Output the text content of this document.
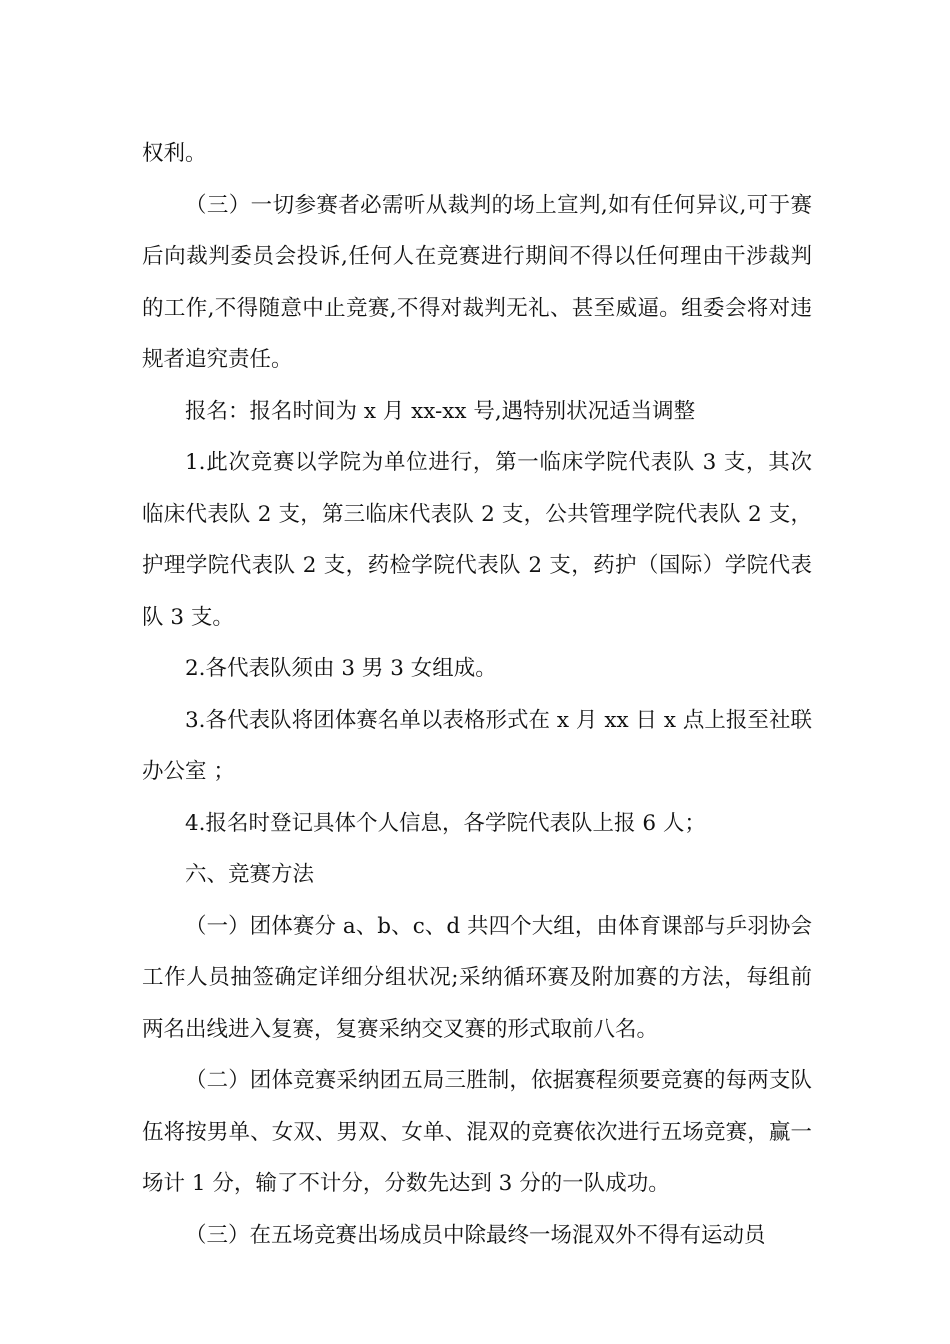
权利。

（三）一切参赛者必需听从裁判的场上宣判,如有任何异议,可于赛后向裁判委员会投诉,任何人在竞赛进行期间不得以任何理由干涉裁判的工作,不得随意中止竞赛,不得对裁判无礼、甚至威逼。组委会将对违规者追究责任。

报名：报名时间为 x 月 xx-xx 号,遇特别状况适当调整

1.此次竞赛以学院为单位进行，第一临床学院代表队 3 支，其次临床代表队 2 支，第三临床代表队 2 支，公共管理学院代表队 2 支，护理学院代表队 2 支，药检学院代表队 2 支，药护（国际）学院代表队 3 支。

2.各代表队须由 3 男 3 女组成。

3.各代表队将团体赛名单以表格形式在 x 月 xx 日 x 点上报至社联办公室 ；

4.报名时登记具体个人信息，各学院代表队上报 6 人；

六、竞赛方法

（一）团体赛分 a、b、c、d 共四个大组，由体育课部与乒羽协会工作人员抽签确定详细分组状况;采纳循环赛及附加赛的方法，每组前两名出线进入复赛，复赛采纳交叉赛的形式取前八名。

（二）团体竞赛采纳团五局三胜制，依据赛程须要竞赛的每两支队伍将按男单、女双、男双、女单、混双的竞赛依次进行五场竞赛，赢一场计 1 分，输了不计分，分数先达到 3 分的一队成功。

（三）在五场竞赛出场成员中除最终一场混双外不得有运动员
